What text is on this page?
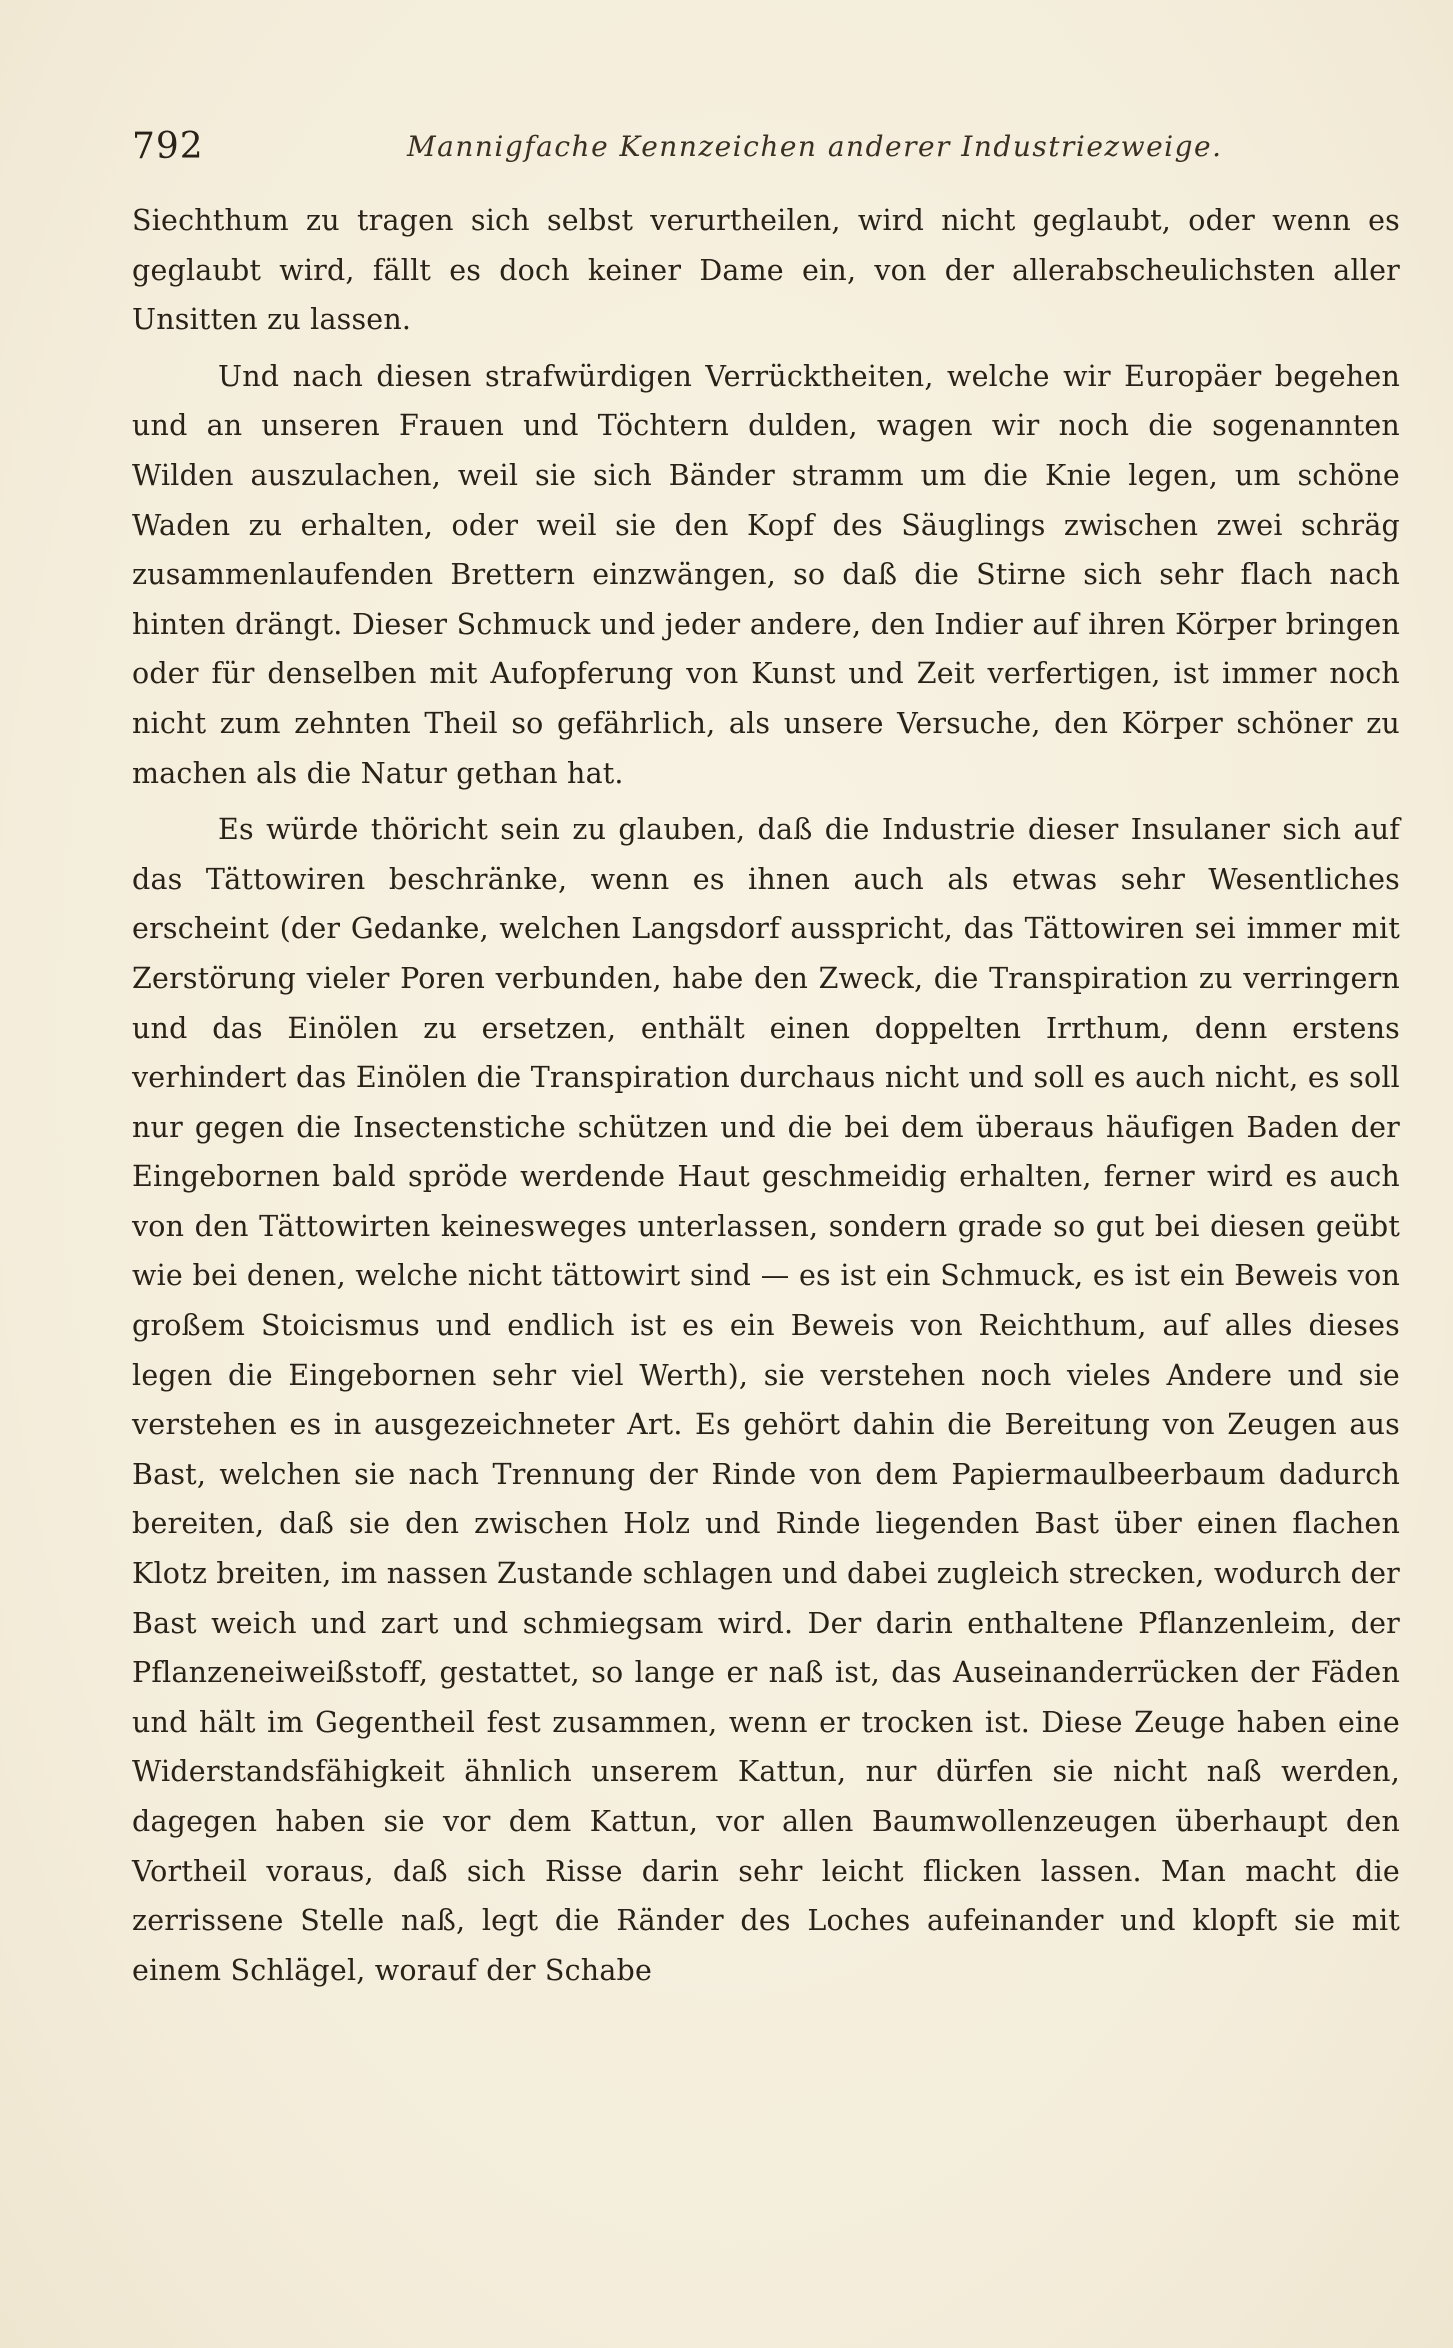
792	Mannigfache Kennzeichen anderer Industriezweige.

Siechthum zu tragen sich selbst verurtheilen, wird nicht geglaubt, oder wenn es geglaubt wird, fällt es doch keiner Dame ein, von der allerabscheulichsten aller Unsitten zu lassen.

Und nach diesen strafwürdigen Verrücktheiten, welche wir Europäer begehen und an unseren Frauen und Töchtern dulden, wagen wir noch die sogenannten Wilden auszulachen, weil sie sich Bänder stramm um die Knie legen, um schöne Waden zu erhalten, oder weil sie den Kopf des Säuglings zwischen zwei schräg zusammenlaufenden Brettern einzwängen, so daß die Stirne sich sehr flach nach hinten drängt. Dieser Schmuck und jeder andere, den Indier auf ihren Körper bringen oder für denselben mit Aufopferung von Kunst und Zeit verfertigen, ist immer noch nicht zum zehnten Theil so gefährlich, als unsere Versuche, den Körper schöner zu machen als die Natur gethan hat.

Es würde thöricht sein zu glauben, daß die Industrie dieser Insulaner sich auf das Tättowiren beschränke, wenn es ihnen auch als etwas sehr Wesentliches erscheint (der Gedanke, welchen Langsdorf ausspricht, das Tättowiren sei immer mit Zerstörung vieler Poren verbunden, habe den Zweck, die Transpiration zu verringern und das Einölen zu ersetzen, enthält einen doppelten Irrthum, denn erstens verhindert das Einölen die Transpiration durchaus nicht und soll es auch nicht, es soll nur gegen die Insectenstiche schützen und die bei dem überaus häufigen Baden der Eingebornen bald spröde werdende Haut geschmeidig erhalten, ferner wird es auch von den Tättowirten keinesweges unterlassen, sondern grade so gut bei diesen geübt wie bei denen, welche nicht tättowirt sind — es ist ein Schmuck, es ist ein Beweis von großem Stoicismus und endlich ist es ein Beweis von Reichthum, auf alles dieses legen die Eingebornen sehr viel Werth), sie verstehen noch vieles Andere und sie verstehen es in ausgezeichneter Art. Es gehört dahin die Bereitung von Zeugen aus Bast, welchen sie nach Trennung der Rinde von dem Papiermaulbeerbaum dadurch bereiten, daß sie den zwischen Holz und Rinde liegenden Bast über einen flachen Klotz breiten, im nassen Zustande schlagen und dabei zugleich strecken, wodurch der Bast weich und zart und schmiegsam wird. Der darin enthaltene Pflanzenleim, der Pflanzeneiweißstoff, gestattet, so lange er naß ist, das Auseinanderrücken der Fäden und hält im Gegentheil fest zusammen, wenn er trocken ist. Diese Zeuge haben eine Widerstandsfähigkeit ähnlich unserem Kattun, nur dürfen sie nicht naß werden, dagegen haben sie vor dem Kattun, vor allen Baumwollenzeugen überhaupt den Vortheil voraus, daß sich Risse darin sehr leicht flicken lassen. Man macht die zerrissene Stelle naß, legt die Ränder des Loches aufeinander und klopft sie mit einem Schlägel, worauf der Schabe
